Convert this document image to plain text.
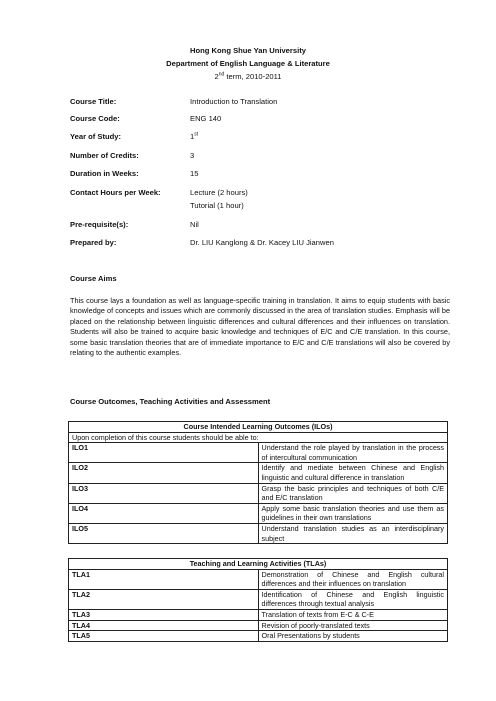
Hong Kong Shue Yan University
Department of English Language & Literature
2nd term, 2010-2011
Course Title:	Introduction to Translation
Course Code:	ENG 140
Year of Study:	1st
Number of Credits:	3
Duration in Weeks:	15
Contact Hours per Week:	Lecture (2 hours)
Tutorial (1 hour)
Pre-requisite(s):	Nil
Prepared by:	Dr. LIU Kanglong & Dr. Kacey LIU Jianwen
Course Aims

This course lays a foundation as well as language-specific training in translation. It aims to equip students with basic knowledge of concepts and issues which are commonly discussed in the area of translation studies. Emphasis will be placed on the relationship between linguistic differences and cultural differences and their influences on translation. Students will also be trained to acquire basic knowledge and techniques of E/C and C/E translation. In this course, some basic translation theories that are of immediate importance to E/C and C/E translations will also be covered by relating to the authentic examples.

Course Outcomes, Teaching Activities and Assessment
Course Intended Learning Outcomes (ILOs)	
Upon completion of this course students should be able to:	
ILO1	Understand the role played by translation in the process of intercultural communication
ILO2	Identify and mediate between Chinese and English linguistic and cultural difference in translation
ILO3	Grasp the basic principles and techniques of both C/E and E/C translation
ILO4	Apply some basic translation theories and use them as guidelines in their own translations
ILO5	Understand translation studies as an interdisciplinary subject
Teaching and Learning Activities (TLAs)	
TLA1	Demonstration of Chinese and English cultural differences and their influences on translation
TLA2	Identification of Chinese and English linguistic differences through textual analysis
TLA3	Translation of texts from E-C & C-E
TLA4	Revision of poorly-translated texts
TLA5	Oral Presentations by students
